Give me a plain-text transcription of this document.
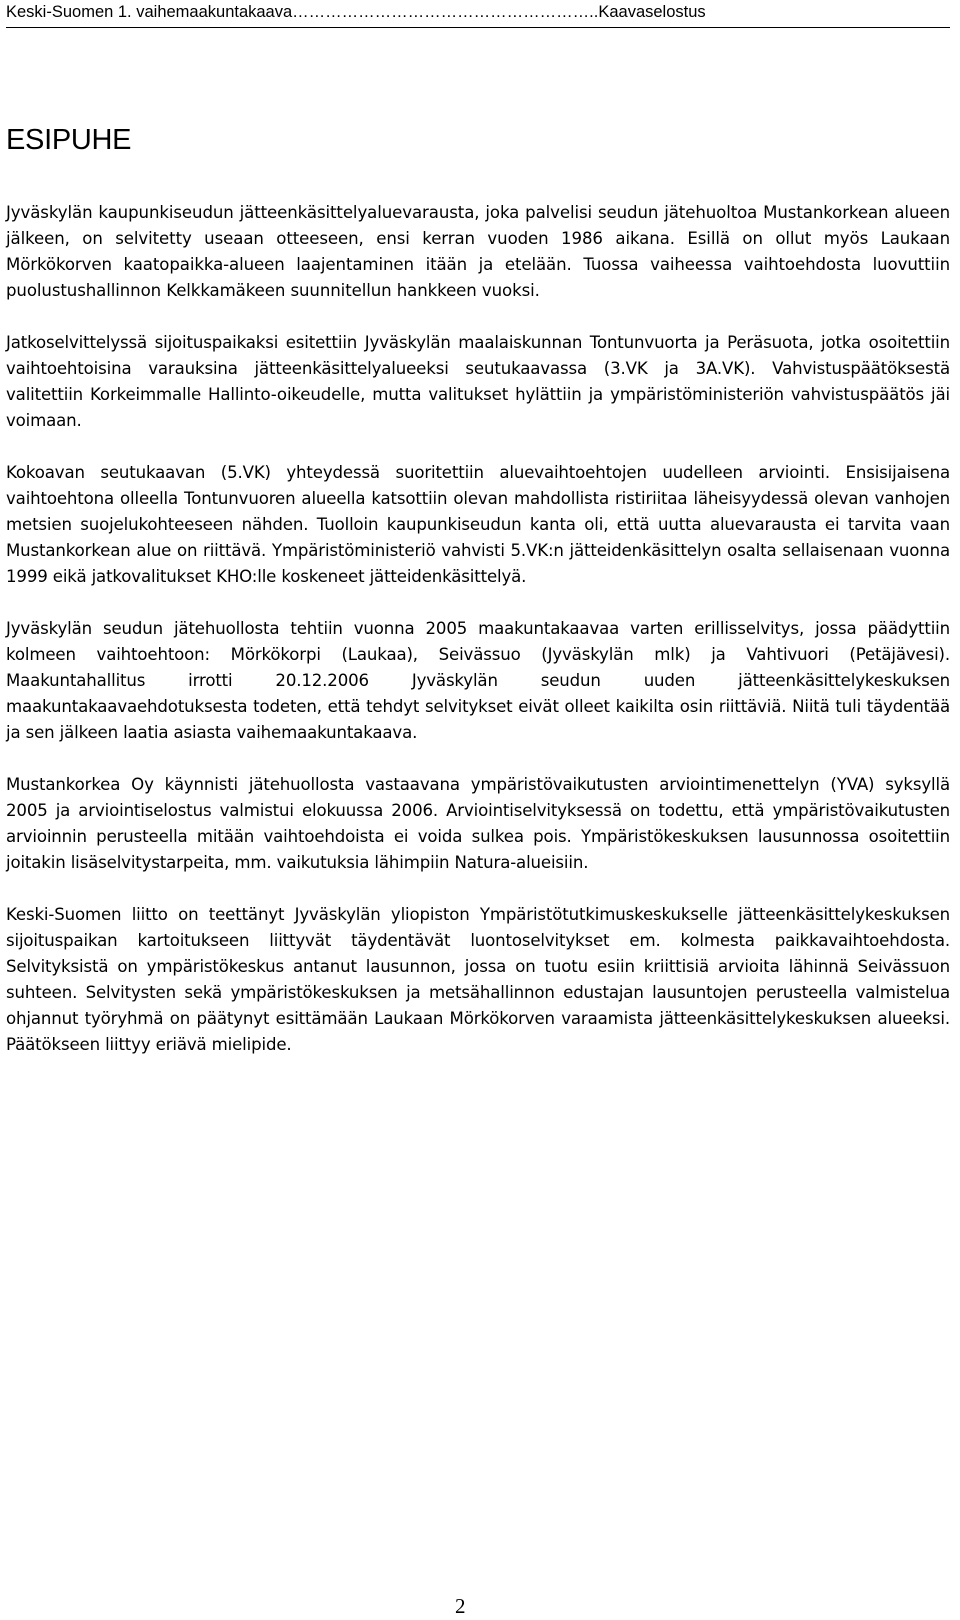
Keski-Suomen 1. vaihemaakuntakaava………………………………………………..Kaavaselostus
ESIPUHE

Jyväskylän kaupunkiseudun jätteenkäsittelyaluevarausta, joka palvelisi seudun jätehuoltoa Mustankorkean alueen jälkeen, on selvitetty useaan otteeseen, ensi kerran vuoden 1986 aikana. Esillä on ollut myös Laukaan Mörkökorven kaatopaikka-alueen laajentaminen itään ja etelään. Tuossa vaiheessa vaihtoehdosta luovuttiin puolustushallinnon Kelkkamäkeen suunnitellun hankkeen vuoksi.

Jatkoselvittelyssä sijoituspaikaksi esitettiin Jyväskylän maalaiskunnan Tontunvuorta ja Peräsuota, jotka osoitettiin vaihtoehtoisina varauksina jätteenkäsittelyalueeksi seutukaavassa (3.VK ja 3A.VK). Vahvistuspäätöksestä valitettiin Korkeimmalle Hallinto-oikeudelle, mutta valitukset hylättiin ja ympäristöministeriön vahvistuspäätös jäi voimaan.

Kokoavan seutukaavan (5.VK) yhteydessä suoritettiin aluevaihtoehtojen uudelleen arviointi. Ensisijaisena vaihtoehtona olleella Tontunvuoren alueella katsottiin olevan mahdollista ristiriitaa läheisyydessä olevan vanhojen metsien suojelukohteeseen nähden. Tuolloin kaupunkiseudun kanta oli, että uutta aluevarausta ei tarvita vaan Mustankorkean alue on riittävä. Ympäristöministeriö vahvisti 5.VK:n jätteidenkäsittelyn osalta sellaisenaan vuonna 1999 eikä jatkovalitukset KHO:lle koskeneet jätteidenkäsittelyä.

Jyväskylän seudun jätehuollosta tehtiin vuonna 2005 maakuntakaavaa varten erillisselvitys, jossa päädyttiin kolmeen vaihtoehtoon: Mörkökorpi (Laukaa), Seivässuo (Jyväskylän mlk) ja Vahtivuori (Petäjävesi). Maakuntahallitus irrotti 20.12.2006 Jyväskylän seudun uuden jätteenkäsittelykeskuksen maakuntakaavaehdotuksesta todeten, että tehdyt selvitykset eivät olleet kaikilta osin riittäviä. Niitä tuli täydentää ja sen jälkeen laatia asiasta vaihemaakuntakaava.

Mustankorkea Oy käynnisti jätehuollosta vastaavana ympäristövaikutusten arviointimenettelyn (YVA) syksyllä 2005 ja arviointiselostus valmistui elokuussa 2006. Arviointiselvityksessä on todettu, että ympäristövaikutusten arvioinnin perusteella mitään vaihtoehdoista ei voida sulkea pois. Ympäristökeskuksen lausunnossa osoitettiin joitakin lisäselvitystarpeita, mm. vaikutuksia lähimpiin Natura-alueisiin.

Keski-Suomen liitto on teettänyt Jyväskylän yliopiston Ympäristötutkimuskeskukselle jätteenkäsittelykeskuksen sijoituspaikan kartoitukseen liittyvät täydentävät luontoselvitykset em. kolmesta paikkavaihtoehdosta. Selvityksistä on ympäristökeskus antanut lausunnon, jossa on tuotu esiin kriittisiä arvioita lähinnä Seivässuon suhteen. Selvitysten sekä ympäristökeskuksen ja metsähallinnon edustajan lausuntojen perusteella valmistelua ohjannut työryhmä on päätynyt esittämään Laukaan Mörkökorven varaamista jätteenkäsittelykeskuksen alueeksi. Päätökseen liittyy eriävä mielipide.

2
